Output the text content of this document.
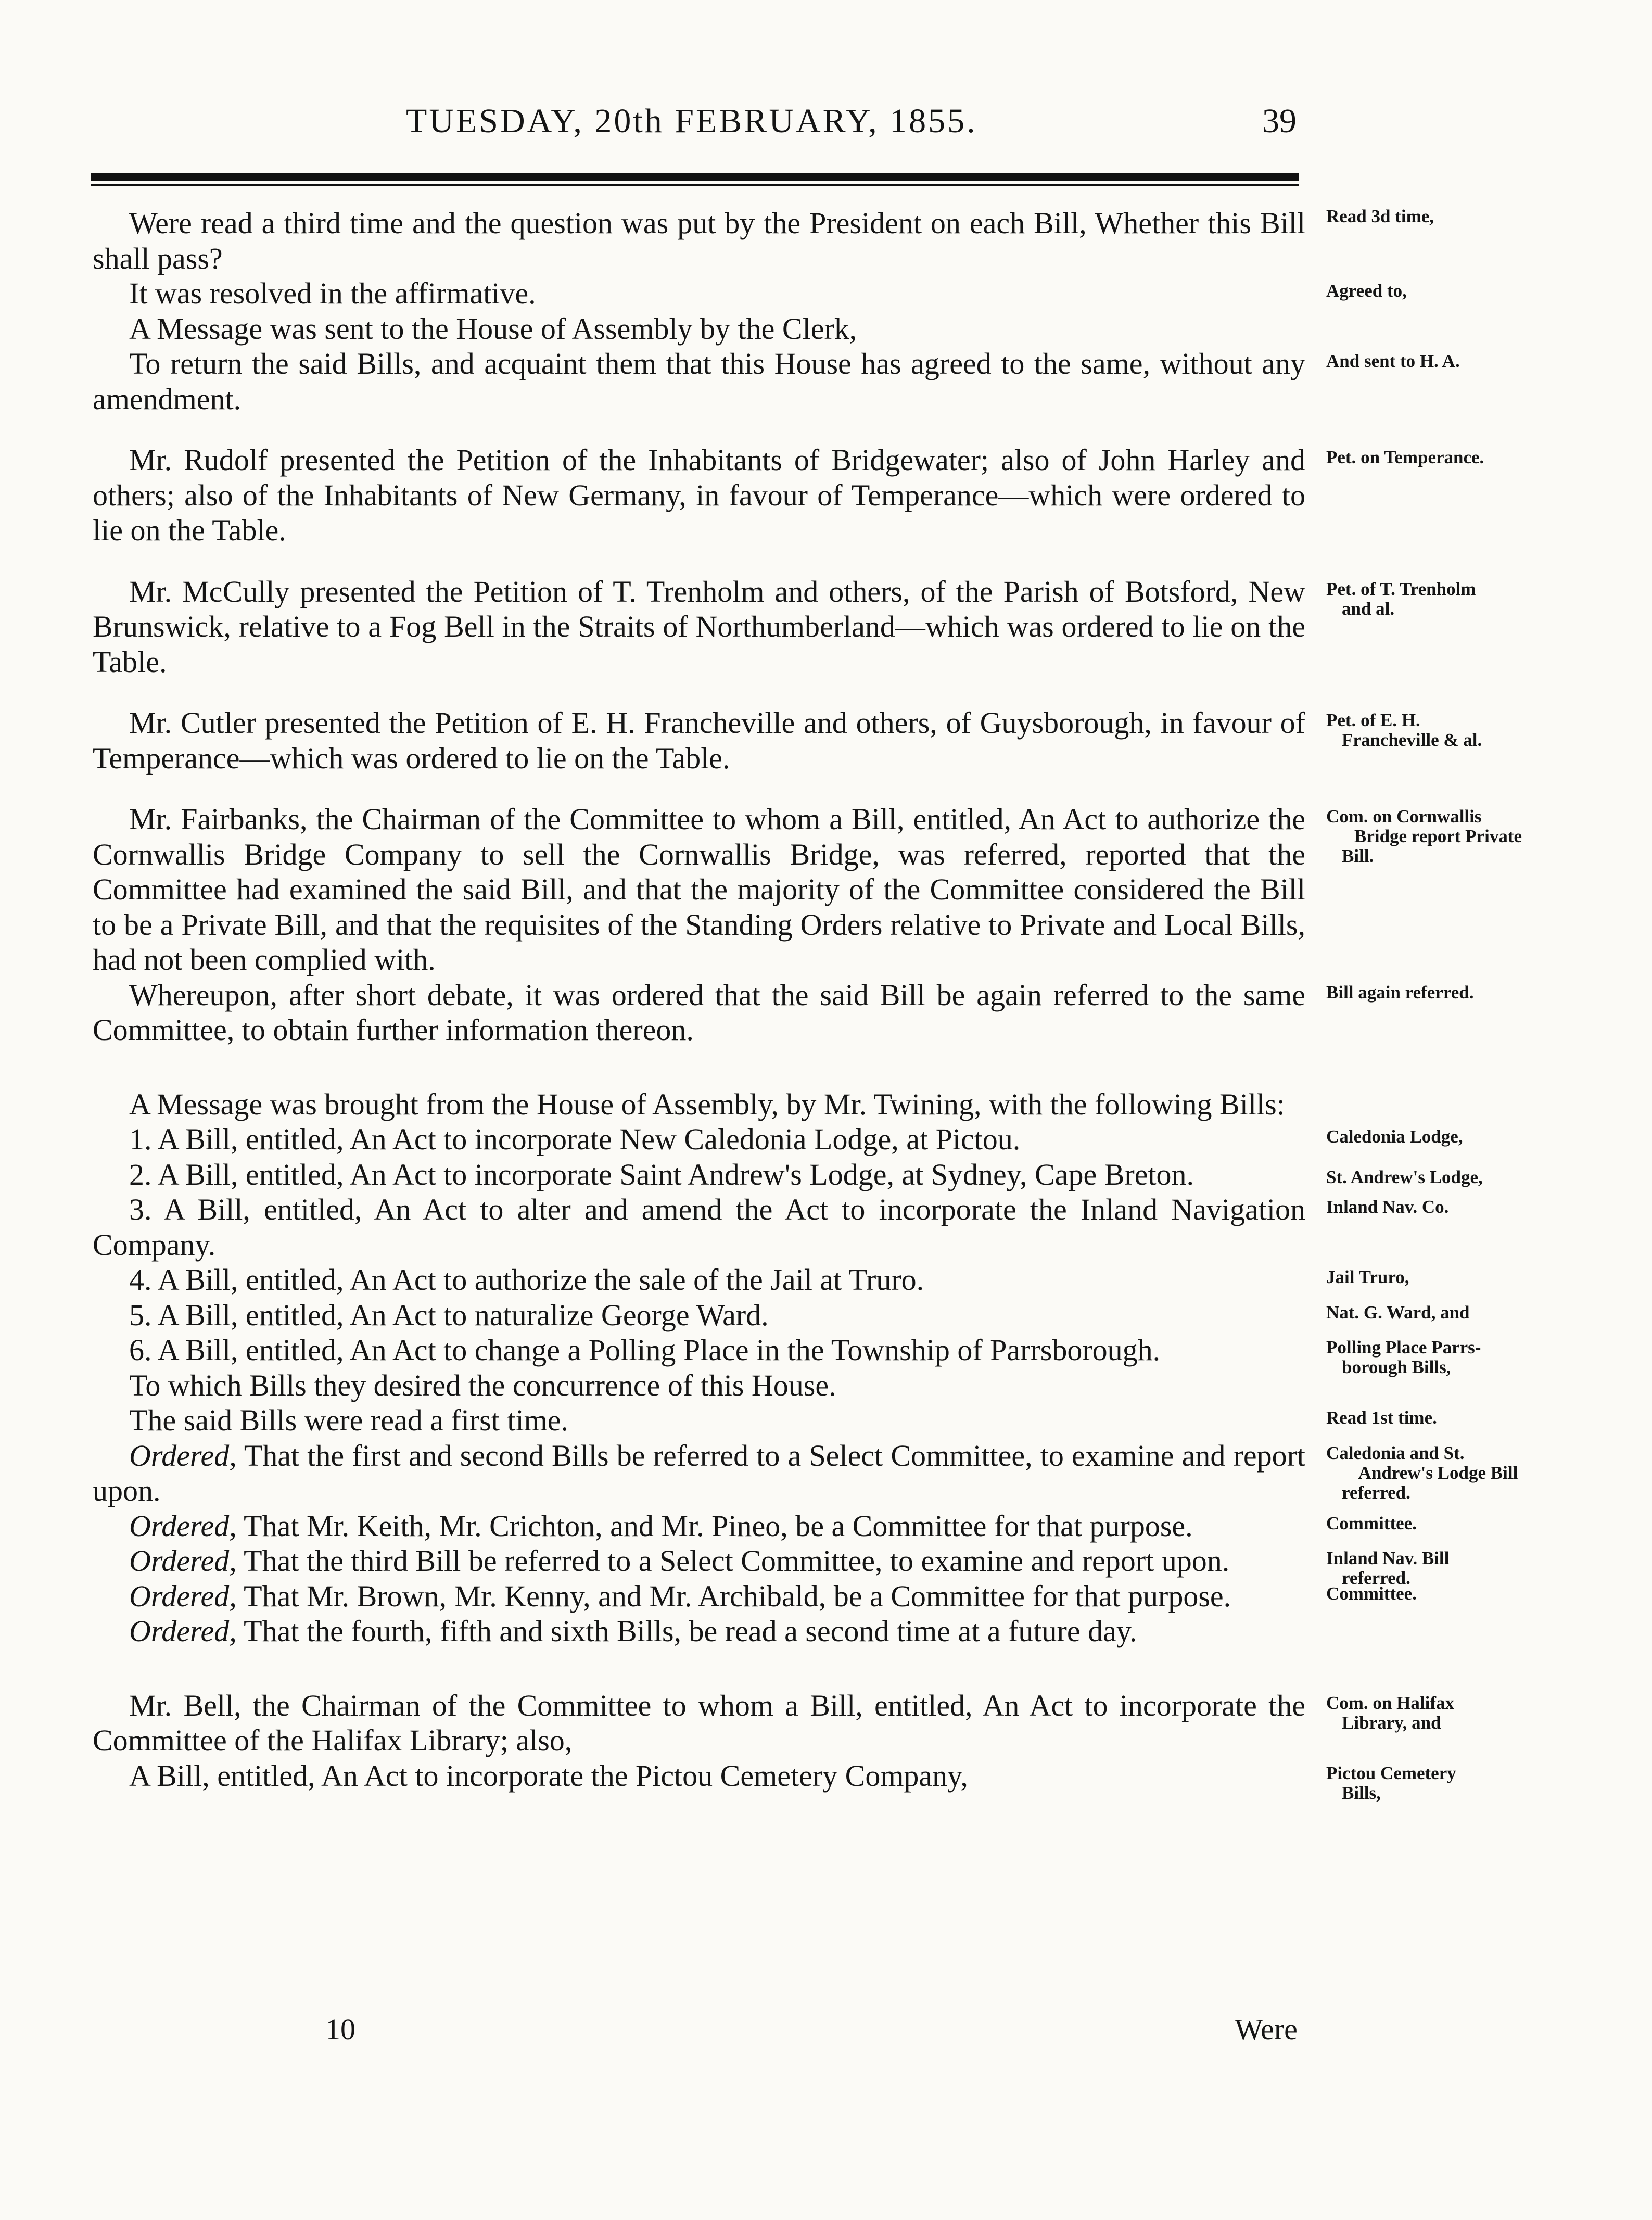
TUESDAY, 20th FEBRUARY, 1855.	39

Were read a third time and the question was put by the President on each Bill, Whether this Bill shall pass?
Read 3d time,

It was resolved in the affirmative.	Agreed to,

A Message was sent to the House of Assembly by the Clerk,

To return the said Bills, and acquaint them that this House has agreed to the same, without any amendment.
And sent to H. A.

Mr. Rudolf presented the Petition of the Inhabitants of Bridgewater; also of John Harley and others; also of the Inhabitants of New Germany, in favour of Temperance—which were ordered to lie on the Table.
Pet. on Temperance.

Mr. McCully presented the Petition of T. Trenholm and others, of the Parish of Botsford, New Brunswick, relative to a Fog Bell in the Straits of Northumberland—which was ordered to lie on the Table.
Pet. of T. Trenholm
and al.

Mr. Cutler presented the Petition of E. H. Francheville and others, of Guysborough, in favour of Temperance—which was ordered to lie on the Table.
Pet. of E. H.
Francheville & al.

Mr. Fairbanks, the Chairman of the Committee to whom a Bill, entitled, An Act to authorize the Cornwallis Bridge Company to sell the Cornwallis Bridge, was referred, reported that the Committee had examined the said Bill, and that the majority of the Committee considered the Bill to be a Private Bill, and that the requisites of the Standing Orders relative to Private and Local Bills, had not been complied with.
Com. on Cornwallis
Bridge report Private Bill.

Whereupon, after short debate, it was ordered that the said Bill be again referred to the same Committee, to obtain further information thereon.
Bill again referred.

A Message was brought from the House of Assembly, by Mr. Twining, with the following Bills:

1. A Bill, entitled, An Act to incorporate New Caledonia Lodge, at Pictou.	Caledonia Lodge,

2. A Bill, entitled, An Act to incorporate Saint Andrew's Lodge, at Sydney, Cape Breton.	St. Andrew's Lodge,

3. A Bill, entitled, An Act to alter and amend the Act to incorporate the Inland Navigation Company.
Inland Nav. Co.

4. A Bill, entitled, An Act to authorize the sale of the Jail at Truro.	Jail Truro,

5. A Bill, entitled, An Act to naturalize George Ward.	Nat. G. Ward, and

6. A Bill, entitled, An Act to change a Polling Place in the Township of Parrsborough.	Polling Place Parrs-
borough Bills,

To which Bills they desired the concurrence of this House.

The said Bills were read a first time.	Read 1st time.

Ordered, That the first and second Bills be referred to a Select Committee, to examine and report upon.
Caledonia and St.
Andrew's Lodge Bill referred.

Ordered, That Mr. Keith, Mr. Crichton, and Mr. Pineo, be a Committee for that purpose.	Committee.

Ordered, That the third Bill be referred to a Select Committee, to examine and report upon.	Inland Nav. Bill
referred.

Ordered, That Mr. Brown, Mr. Kenny, and Mr. Archibald, be a Committee for that purpose.	Committee.

Ordered, That the fourth, fifth and sixth Bills, be read a second time at a future day.

Mr. Bell, the Chairman of the Committee to whom a Bill, entitled, An Act to incorporate the Committee of the Halifax Library; also,
Com. on Halifax
Library, and

A Bill, entitled, An Act to incorporate the Pictou Cemetery Company,	Pictou Cemetery
Bills,

10	Were
